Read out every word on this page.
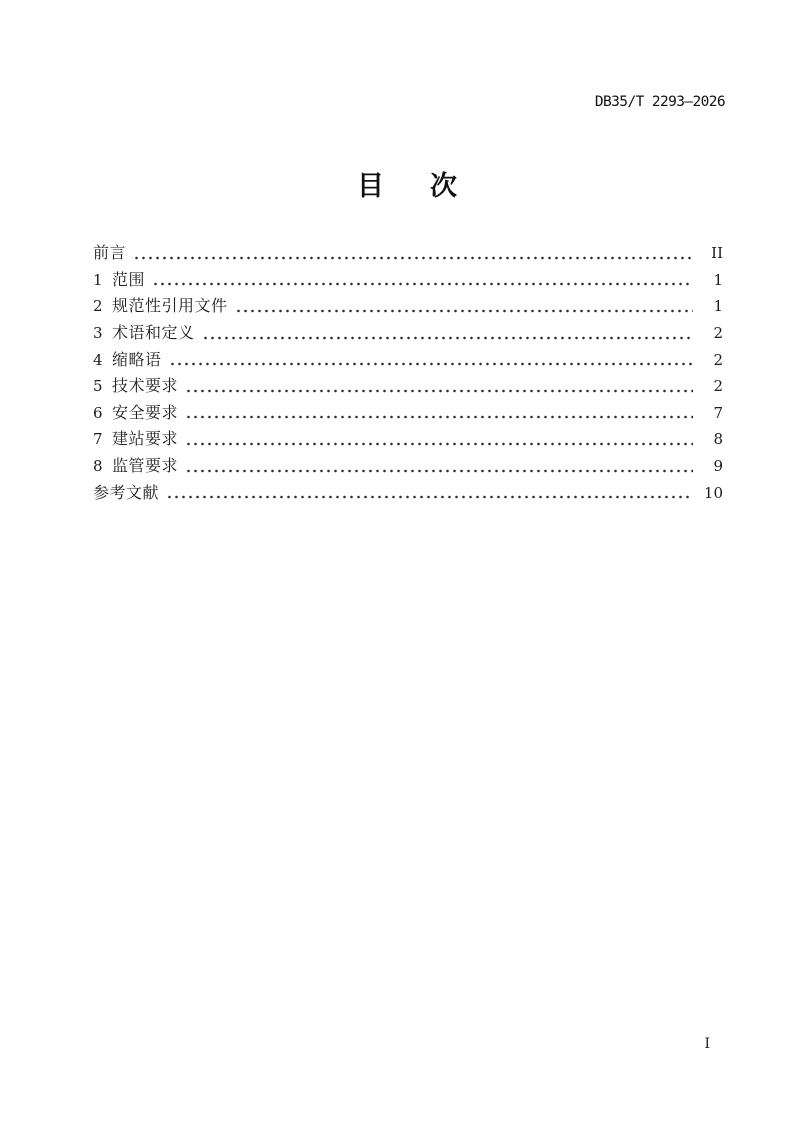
DB35/T 2293—2026
目 次
前言	II
1 范围	1
2 规范性引用文件	1
3 术语和定义	2
4 缩略语	2
5 技术要求	2
6 安全要求	7
7 建站要求	8
8 监管要求	9
参考文献	10
I
